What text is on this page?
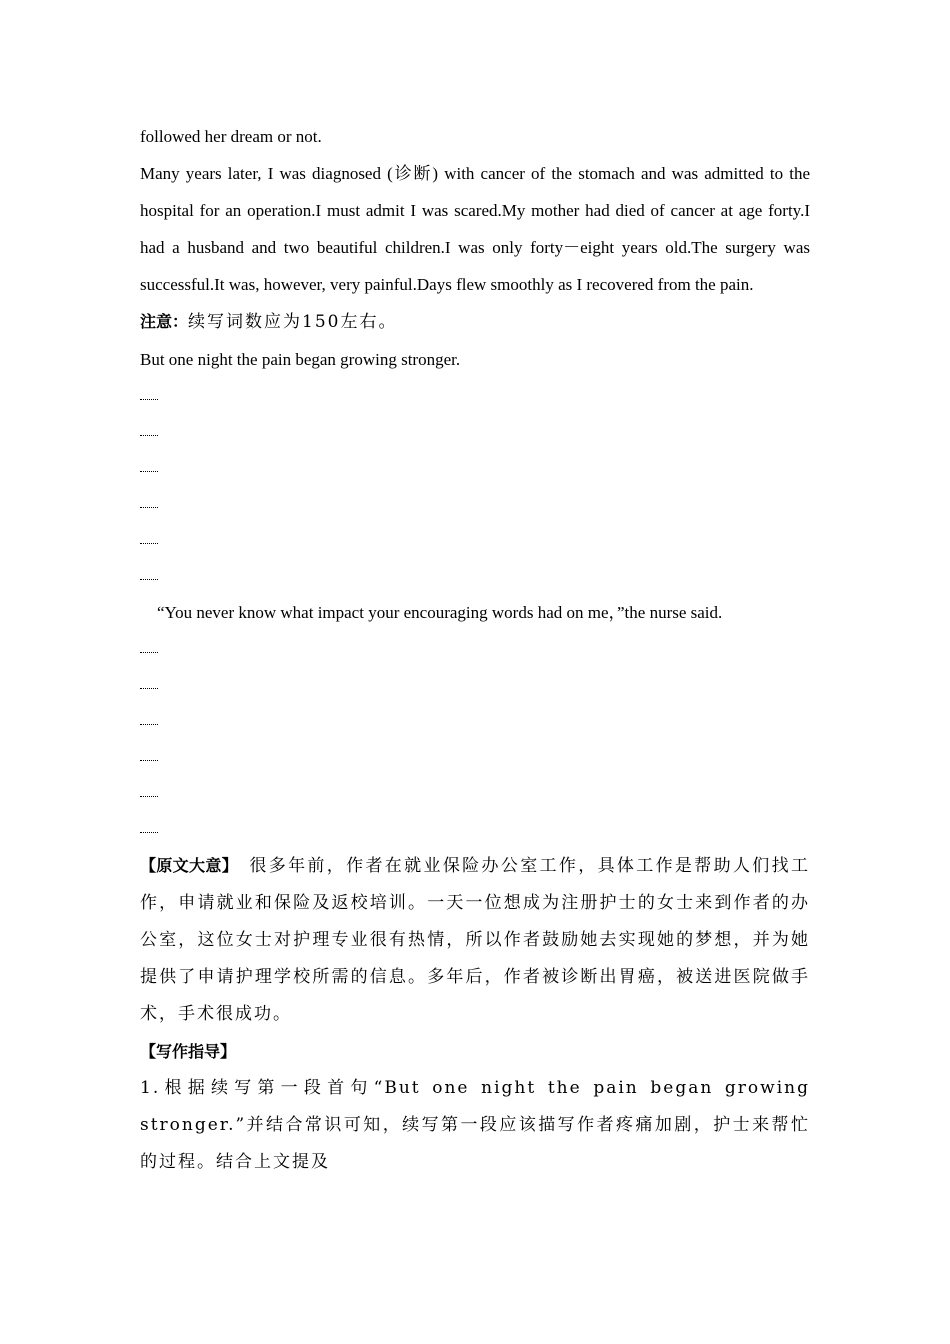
followed her dream or not.

Many years later, I was diagnosed (诊断) with cancer of the stomach and was admitted to the hospital for an operation.I must admit I was scared.My mother had died of cancer at age forty.I had a husband and two beautiful children.I was only forty－eight years old.The surgery was successful.It was, however, very painful.Days flew smoothly as I recovered from the pain.

注意：续写词数应为150左右。

But one night the pain began growing stronger.

“You never know what impact your encouraging words had on me，”the nurse said.

【原文大意】　很多年前，作者在就业保险办公室工作，具体工作是帮助人们找工作，申请就业和保险及返校培训。一天一位想成为注册护士的女士来到作者的办公室，这位女士对护理专业很有热情，所以作者鼓励她去实现她的梦想，并为她提供了申请护理学校所需的信息。多年后，作者被诊断出胃癌，被送进医院做手术，手术很成功。

【写作指导】

1.根据续写第一段首句“But one night the pain began growing stronger.”并结合常识可知，续写第一段应该描写作者疼痛加剧，护士来帮忙的过程。结合上文提及
